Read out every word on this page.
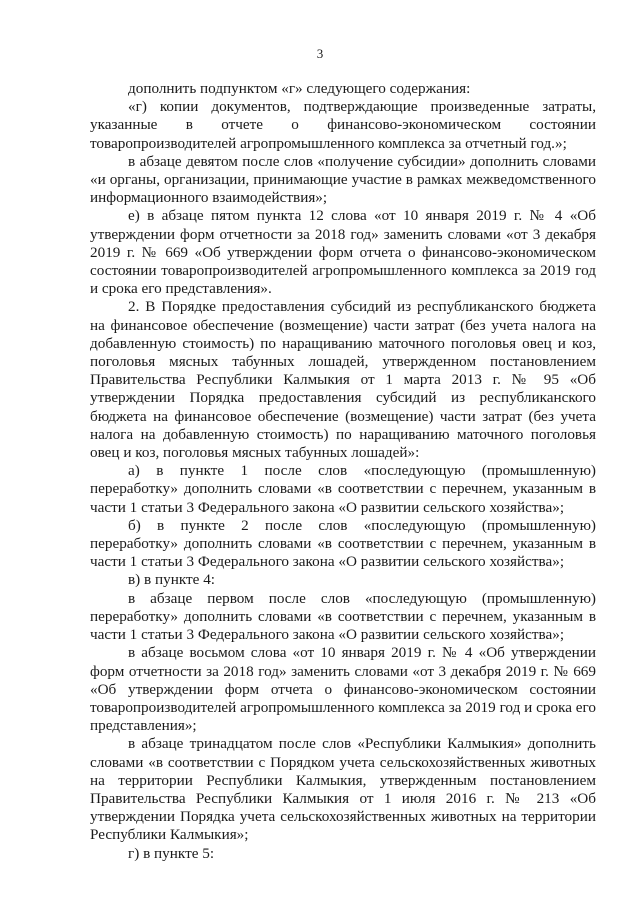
3

дополнить подпунктом «г» следующего содержания:

«г) копии документов, подтверждающие произведенные затраты, указанные в отчете о финансово-экономическом состоянии товаропроизводителей агропромышленного комплекса за отчетный год.»;

в абзаце девятом после слов «получение субсидии» дополнить словами «и органы, организации, принимающие участие в рамках межведомственного информационного взаимодействия»;

е) в абзаце пятом пункта 12 слова «от 10 января 2019 г. № 4 «Об утверждении форм отчетности за 2018 год» заменить словами «от 3 декабря 2019 г. № 669 «Об утверждении форм отчета о финансово-экономическом состоянии товаропроизводителей агропромышленного комплекса за 2019 год и срока его представления».

2. В Порядке предоставления субсидий из республиканского бюджета на финансовое обеспечение (возмещение) части затрат (без учета налога на добавленную стоимость) по наращиванию маточного поголовья овец и коз, поголовья мясных табунных лошадей, утвержденном постановлением Правительства Республики Калмыкия от 1 марта 2013 г. № 95 «Об утверждении Порядка предоставления субсидий из республиканского бюджета на финансовое обеспечение (возмещение) части затрат (без учета налога на добавленную стоимость) по наращиванию маточного поголовья овец и коз, поголовья мясных табунных лошадей»:

а) в пункте 1 после слов «последующую (промышленную) переработку» дополнить словами «в соответствии с перечнем, указанным в части 1 статьи 3 Федерального закона «О развитии сельского хозяйства»;

б) в пункте 2 после слов «последующую (промышленную) переработку» дополнить словами «в соответствии с перечнем, указанным в части 1 статьи 3 Федерального закона «О развитии сельского хозяйства»;

в) в пункте 4:

в абзаце первом после слов «последующую (промышленную) переработку» дополнить словами «в соответствии с перечнем, указанным в части 1 статьи 3 Федерального закона «О развитии сельского хозяйства»;

в абзаце восьмом слова «от 10 января 2019 г. № 4 «Об утверждении форм отчетности за 2018 год» заменить словами «от 3 декабря 2019 г. № 669 «Об утверждении форм отчета о финансово-экономическом состоянии товаропроизводителей агропромышленного комплекса за 2019 год и срока его представления»;

в абзаце тринадцатом после слов «Республики Калмыкия» дополнить словами «в соответствии с Порядком учета сельскохозяйственных животных на территории Республики Калмыкия, утвержденным постановлением Правительства Республики Калмыкия от 1 июля 2016 г. № 213 «Об утверждении Порядка учета сельскохозяйственных животных на территории Республики Калмыкия»;

г) в пункте 5:
